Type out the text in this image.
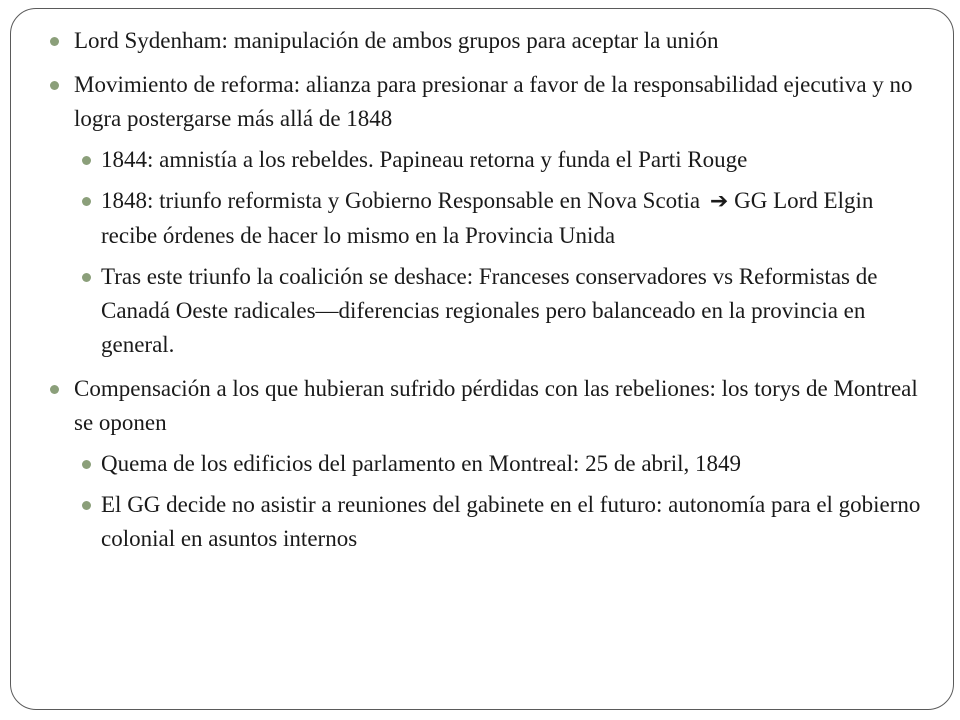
Lord Sydenham: manipulación de ambos grupos para aceptar la unión
Movimiento de reforma: alianza para presionar a favor de la responsabilidad ejecutiva y no logra postergarse más allá de 1848
1844: amnistía a los rebeldes. Papineau retorna y funda el Parti Rouge
1848: triunfo reformista y Gobierno Responsable en Nova Scotia ➔ GG Lord Elgin recibe órdenes de hacer lo mismo en la Provincia Unida
Tras este triunfo la coalición se deshace: Franceses conservadores vs Reformistas de Canadá Oeste radicales—diferencias regionales pero balanceado en la provincia en general.
Compensación a los que hubieran sufrido pérdidas con las rebeliones: los torys de Montreal se oponen
Quema de los edificios del parlamento en Montreal: 25 de abril, 1849
El GG decide no asistir a reuniones del gabinete en el futuro: autonomía para el gobierno colonial en asuntos internos
